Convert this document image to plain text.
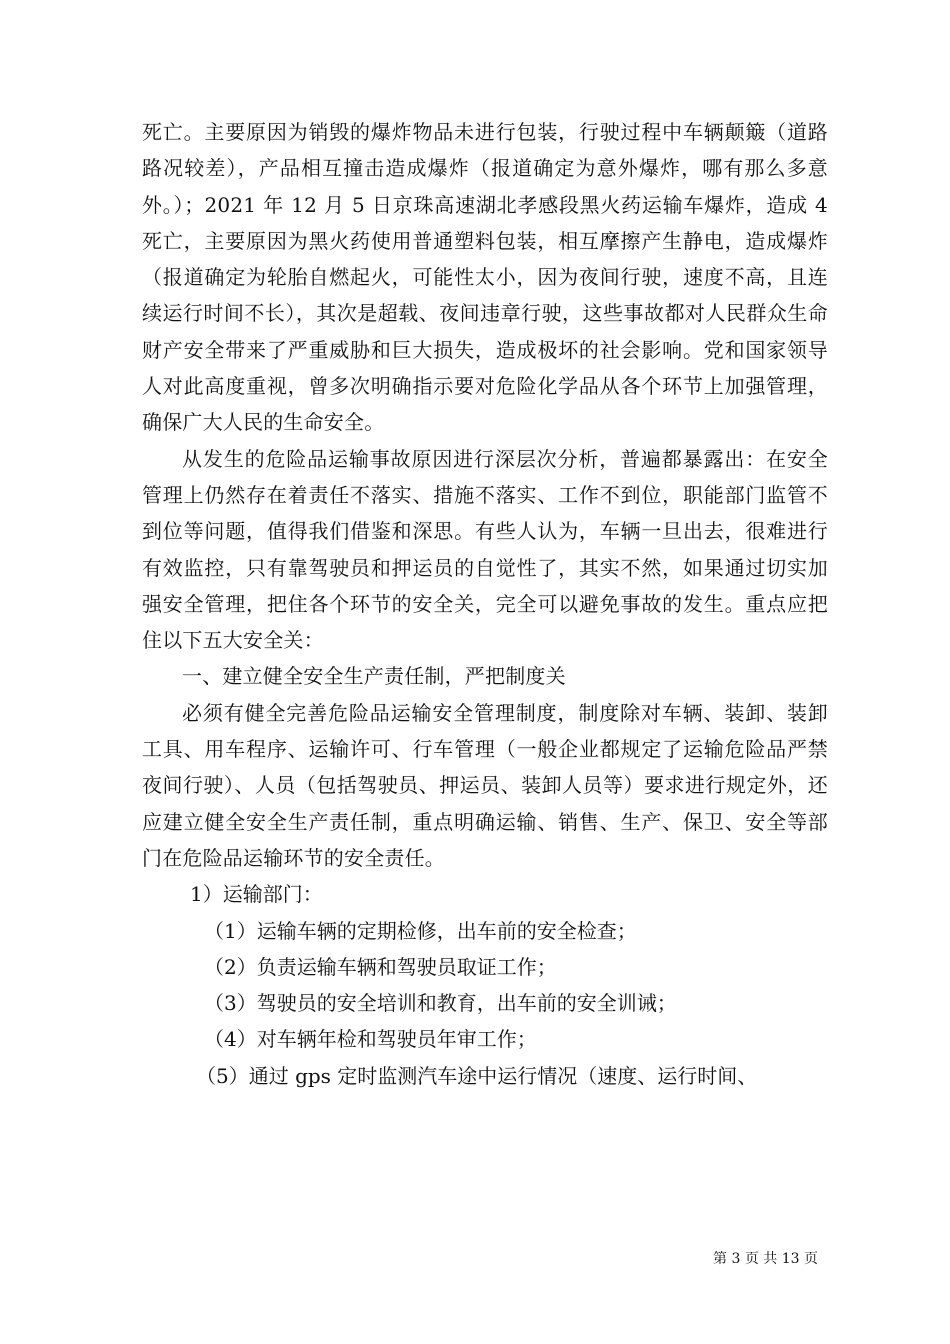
死亡。主要原因为销毁的爆炸物品未进行包装，行驶过程中车辆颠簸（道路路况较差），产品相互撞击造成爆炸（报道确定为意外爆炸，哪有那么多意外。）；2021 年 12 月 5 日京珠高速湖北孝感段黑火药运输车爆炸，造成 4 死亡，主要原因为黑火药使用普通塑料包装，相互摩擦产生静电，造成爆炸（报道确定为轮胎自燃起火，可能性太小，因为夜间行驶，速度不高，且连续运行时间不长），其次是超载、夜间违章行驶，这些事故都对人民群众生命财产安全带来了严重威胁和巨大损失，造成极坏的社会影响。党和国家领导人对此高度重视，曾多次明确指示要对危险化学品从各个环节上加强管理，确保广大人民的生命安全。

从发生的危险品运输事故原因进行深层次分析，普遍都暴露出：在安全管理上仍然存在着责任不落实、措施不落实、工作不到位，职能部门监管不到位等问题，值得我们借鉴和深思。有些人认为，车辆一旦出去，很难进行有效监控，只有靠驾驶员和押运员的自觉性了，其实不然，如果通过切实加强安全管理，把住各个环节的安全关，完全可以避免事故的发生。重点应把住以下五大安全关：

一、建立健全安全生产责任制，严把制度关

必须有健全完善危险品运输安全管理制度，制度除对车辆、装卸、装卸工具、用车程序、运输许可、行车管理（一般企业都规定了运输危险品严禁夜间行驶）、人员（包括驾驶员、押运员、装卸人员等）要求进行规定外，还应建立健全安全生产责任制，重点明确运输、销售、生产、保卫、安全等部门在危险品运输环节的安全责任。

1）运输部门：

（1）运输车辆的定期检修，出车前的安全检查；

（2）负责运输车辆和驾驶员取证工作；

（3）驾驶员的安全培训和教育，出车前的安全训诫；

（4）对车辆年检和驾驶员年审工作；

（5）通过 gps 定时监测汽车途中运行情况（速度、运行时间、

第 3 页 共 13 页
